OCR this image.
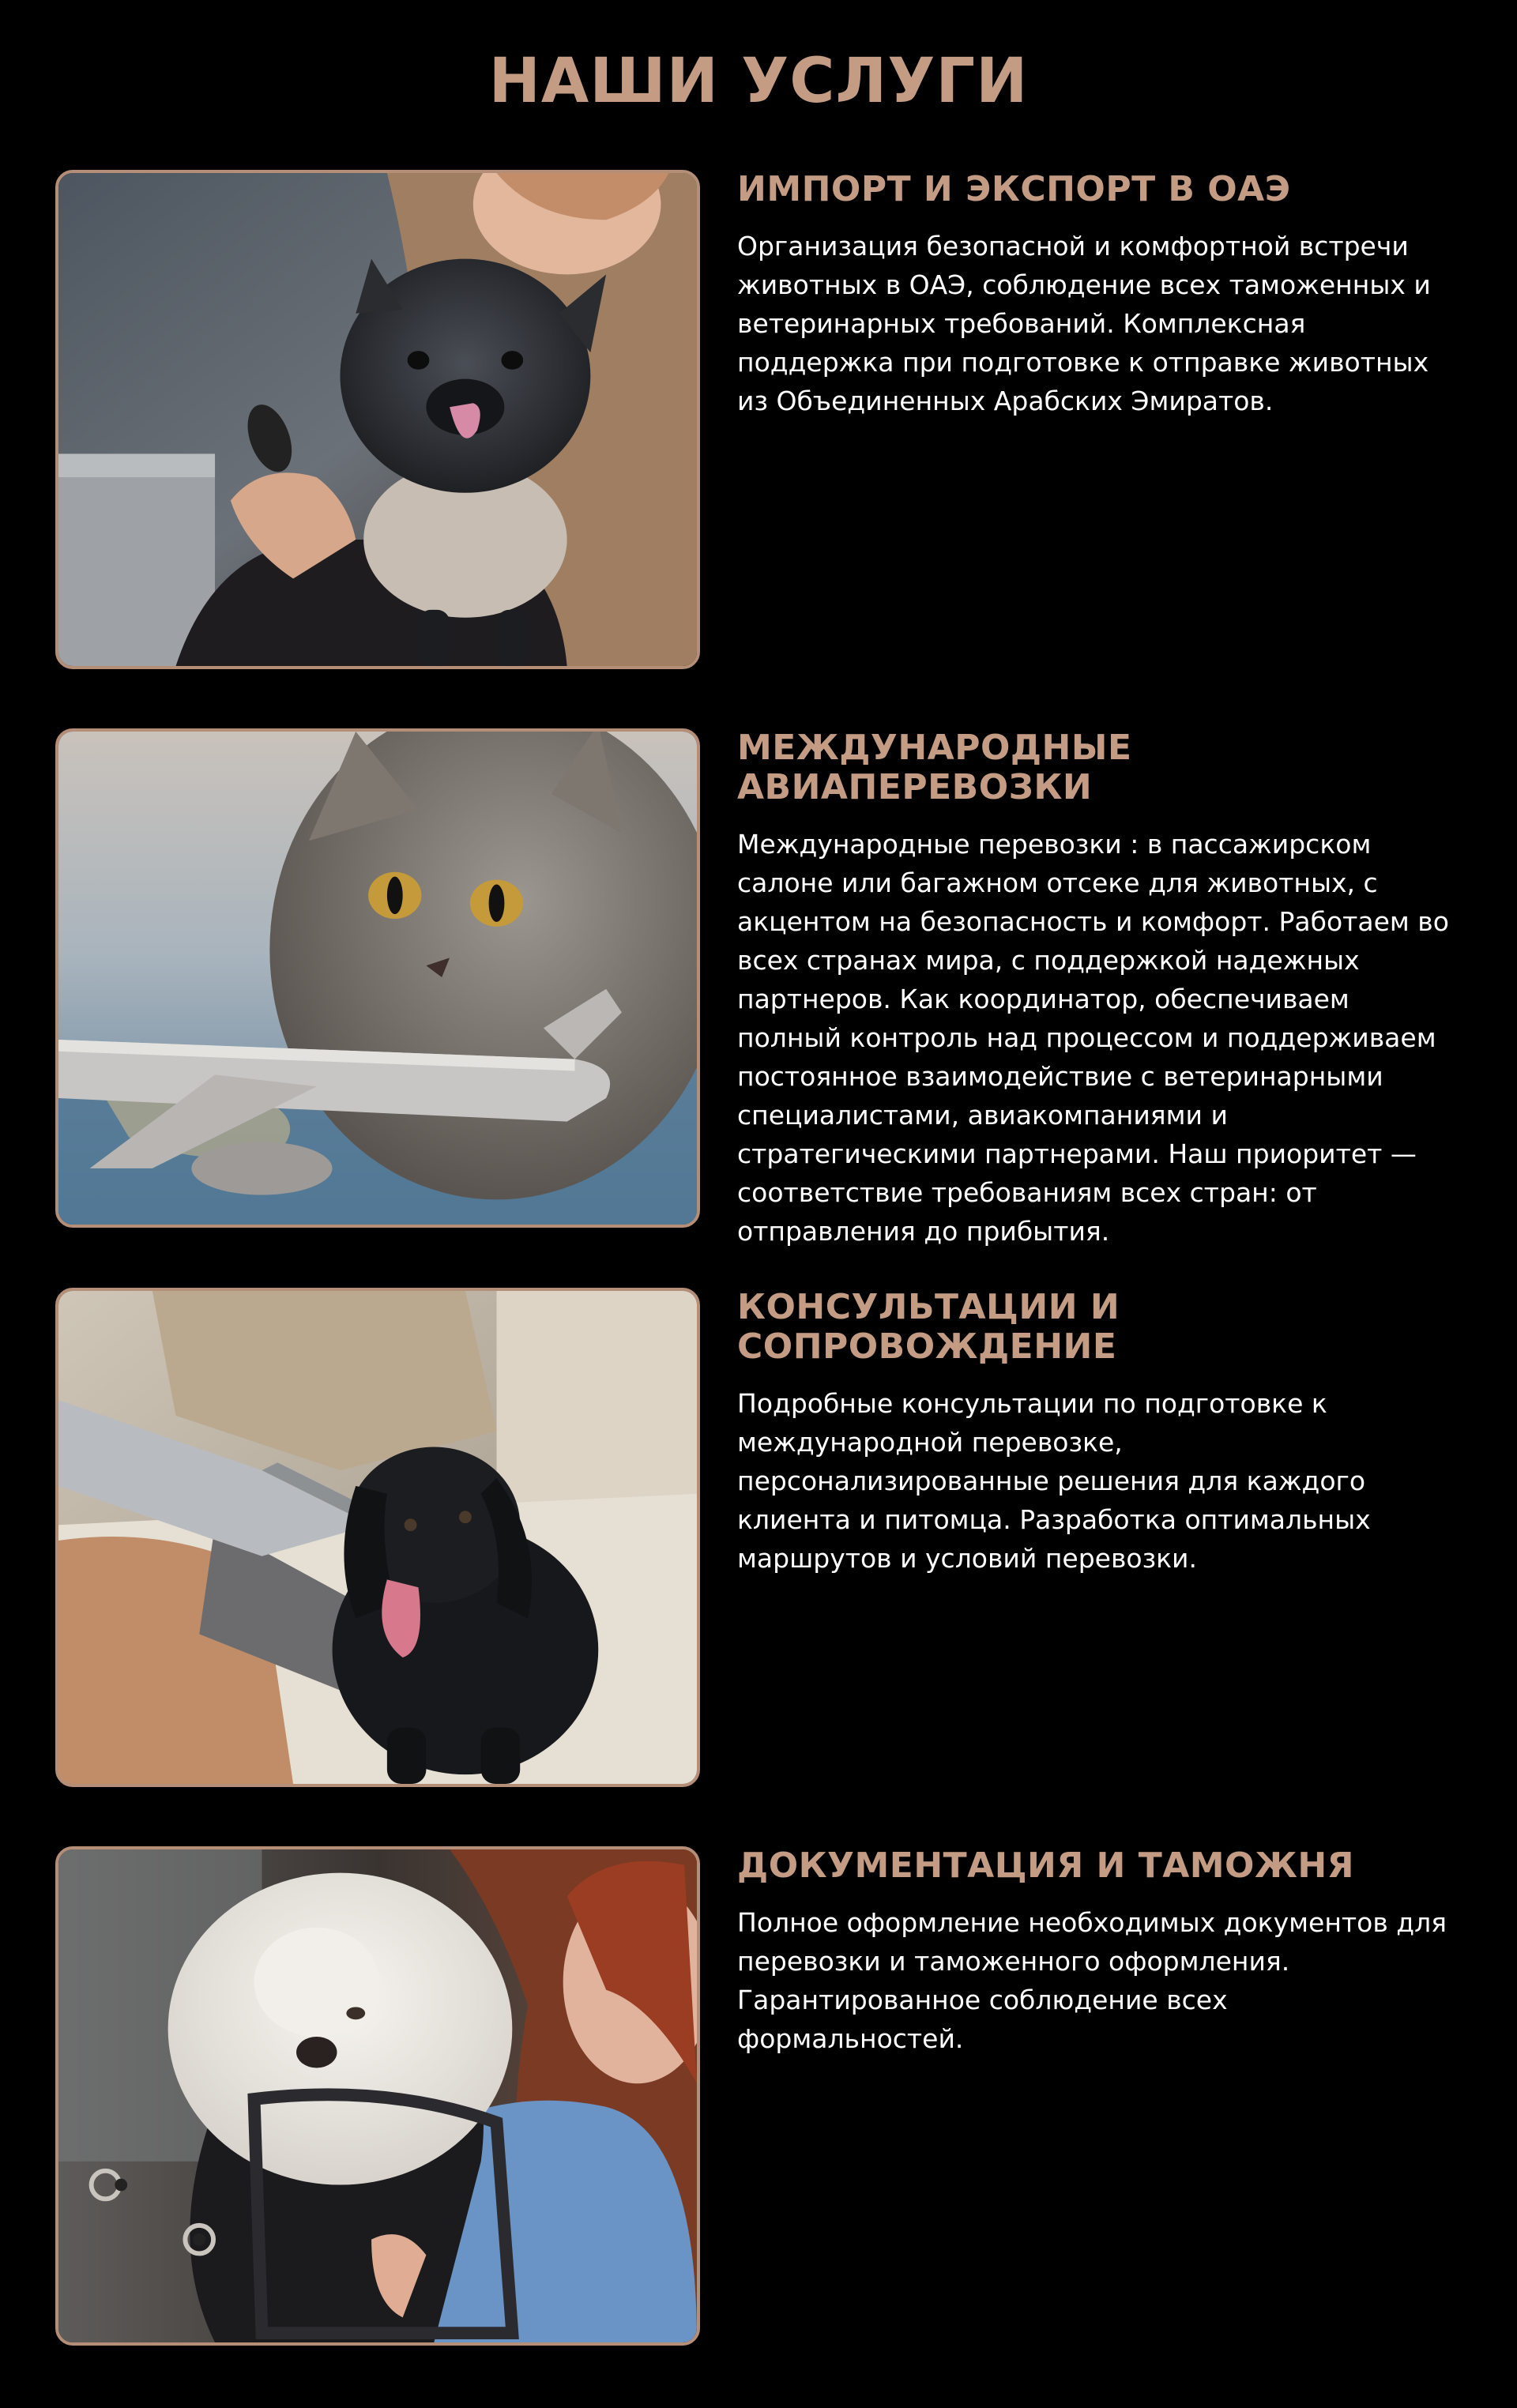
НАШИ УСЛУГИ
ИМПОРТ И ЭКСПОРТ В ОАЭ

Организация безопасной и комфортной встречи
животных в ОАЭ, соблюдение всех таможенных и
ветеринарных требований. Комплексная
поддержка при подготовке к отправке животных
из Объединенных Арабских Эмиратов.

МЕЖДУНАРОДНЫЕ
АВИАПЕРЕВОЗКИ

Международные перевозки : в пассажирском
салоне или багажном отсеке для животных, с
акцентом на безопасность и комфорт. Работаем во
всех странах мира, с поддержкой надежных
партнеров. Как координатор, обеспечиваем
полный контроль над процессом и поддерживаем
постоянное взаимодействие с ветеринарными
специалистами, авиакомпаниями и
стратегическими партнерами. Наш приоритет —
соответствие требованиям всех стран: от
отправления до прибытия.

КОНСУЛЬТАЦИИ И
СОПРОВОЖДЕНИЕ

Подробные консультации по подготовке к
международной перевозке,
персонализированные решения для каждого
клиента и питомца. Разработка оптимальных
маршрутов и условий перевозки.

ДОКУМЕНТАЦИЯ И ТАМОЖНЯ

Полное оформление необходимых документов для
перевозки и таможенного оформления.
Гарантированное соблюдение всех
формальностей.
